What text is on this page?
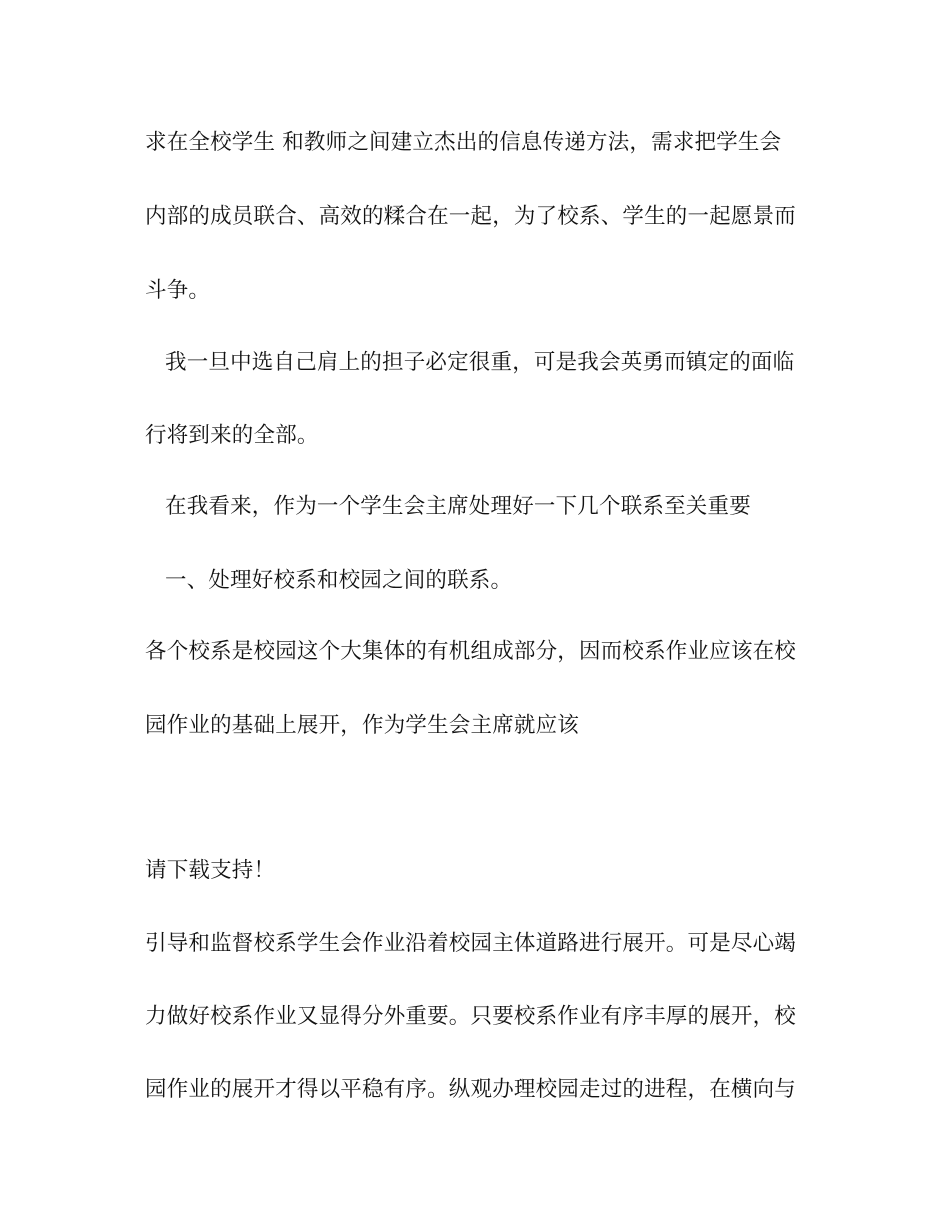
求在全校学生 和教师之间建立杰出的信息传递方法，需求把学生会
内部的成员联合、高效的糅合在一起，为了校系、学生的一起愿景而
斗争。
我一旦中选自己肩上的担子必定很重，可是我会英勇而镇定的面临
行将到来的全部。
在我看来，作为一个学生会主席处理好一下几个联系至关重要
一、处理好校系和校园之间的联系。
各个校系是校园这个大集体的有机组成部分，因而校系作业应该在校
园作业的基础上展开，作为学生会主席就应该
请下载支持！
引导和监督校系学生会作业沿着校园主体道路进行展开。可是尽心竭
力做好校系作业又显得分外重要。只要校系作业有序丰厚的展开，校
园作业的展开才得以平稳有序。纵观办理校园走过的进程，在横向与
